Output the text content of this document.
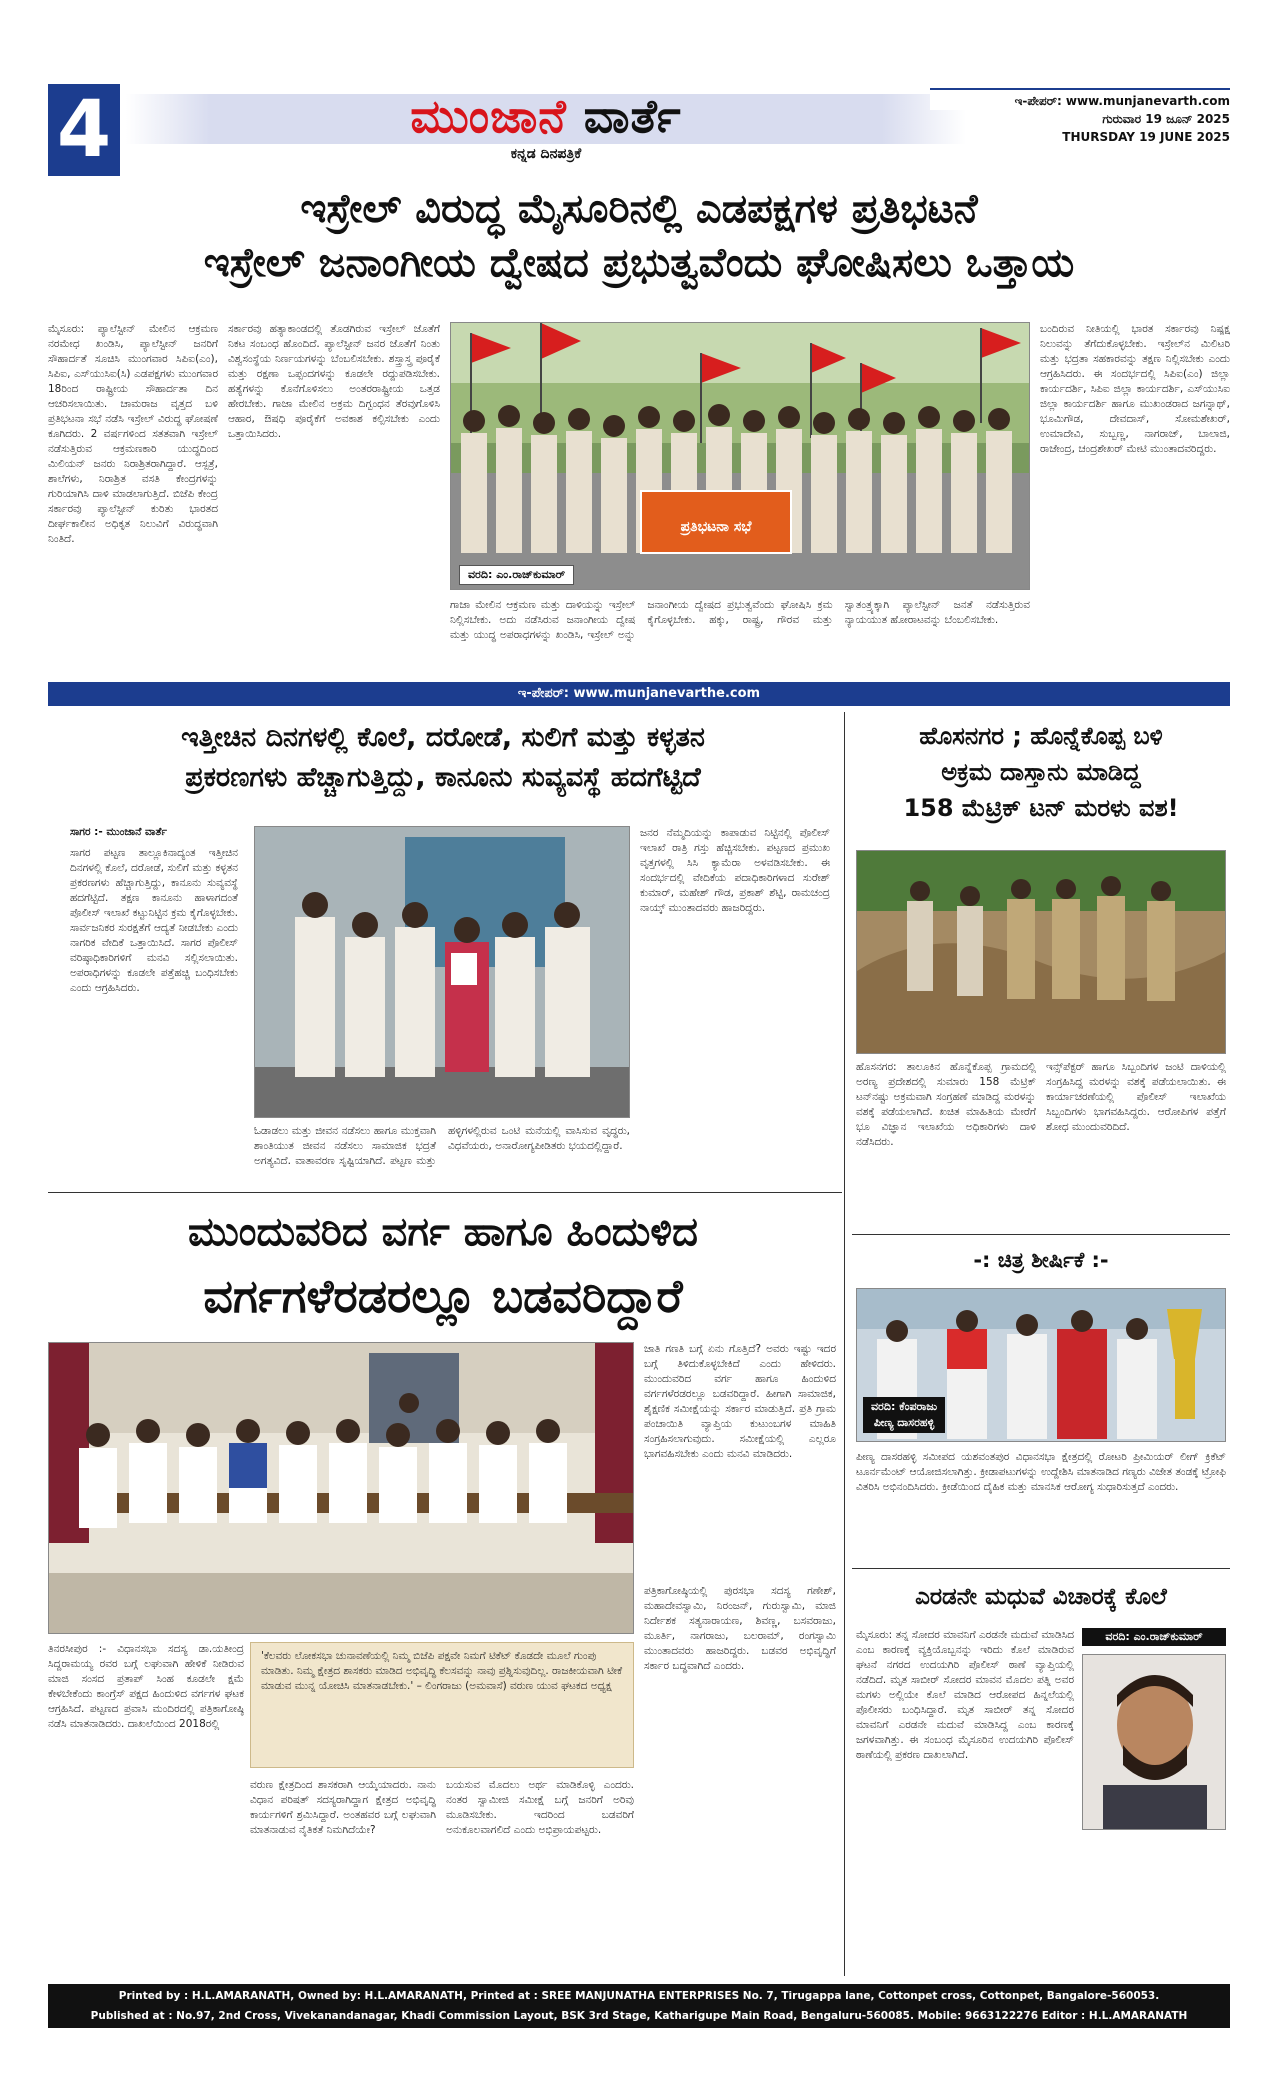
4	ಮುಂಜಾನೆ ವಾರ್ತೆ
ಕನ್ನಡ ದಿನಪತ್ರಿಕೆ
ಇ-ಪೇಪರ್: www.munjanevarth.com
ಗುರುವಾರ 19 ಜೂನ್ 2025
THURSDAY 19 JUNE 2025
ಇಸ್ರೇಲ್ ವಿರುದ್ಧ ಮೈಸೂರಿನಲ್ಲಿ ಎಡಪಕ್ಷಗಳ ಪ್ರತಿಭಟನೆ
ಇಸ್ರೇಲ್ ಜನಾಂಗೀಯ ದ್ವೇಷದ ಪ್ರಭುತ್ವವೆಂದು ಘೋಷಿಸಲು ಒತ್ತಾಯ
ಮೈಸೂರು: ಪ್ಯಾಲೆಸ್ಟೀನ್ ಮೇಲಿನ ಆಕ್ರಮಣ ನರಮೇಧ ಖಂಡಿಸಿ, ಪ್ಯಾಲೆಸ್ಟೀನ್ ಜನರಿಗೆ ಸೌಹಾರ್ದತೆ ಸೂಚಿಸಿ ಮುಂಗವಾರ ಸಿಪಿಐ(ಎಂ), ಸಿಪಿಐ, ಎಸ್‌ಯುಸಿಐ(ಸಿ) ಎಡಪಕ್ಷಗಳು ಮುಂಗವಾರ 18ರಿಂದ ರಾಷ್ಟ್ರೀಯ ಸೌಹಾರ್ದತಾ ದಿನ ಆಚರಿಸಲಾಯಿತು. ಚಾಮರಾಜ ವೃತ್ತದ ಬಳಿ ಪ್ರತಿಭಟನಾ ಸಭೆ ನಡೆಸಿ ಇಸ್ರೇಲ್ ವಿರುದ್ಧ ಘೋಷಣೆ ಕೂಗಿದರು. 2 ವರ್ಷಗಳಿಂದ ಸತತವಾಗಿ ಇಸ್ರೇಲ್ ನಡೆಸುತ್ತಿರುವ ಆಕ್ರಮಣಕಾರಿ ಯುದ್ಧದಿಂದ ಮಿಲಿಯನ್ ಜನರು ನಿರಾಶ್ರಿತರಾಗಿದ್ದಾರೆ. ಆಸ್ಪತ್ರೆ, ಶಾಲೆಗಳು, ನಿರಾಶ್ರಿತ ವಸತಿ ಕೇಂದ್ರಗಳನ್ನು ಗುರಿಯಾಗಿಸಿ ದಾಳಿ ಮಾಡಲಾಗುತ್ತಿದೆ. ಬಿಜೆಪಿ ಕೇಂದ್ರ ಸರ್ಕಾರವು ಪ್ಯಾಲೆಸ್ಟೀನ್ ಕುರಿತು ಭಾರತದ ದೀರ್ಘಕಾಲೀನ ಅಧಿಕೃತ ನಿಲುವಿಗೆ ವಿರುದ್ಧವಾಗಿ ನಿಂತಿದೆ.
ಸರ್ಕಾರವು ಹತ್ಯಾಕಾಂಡದಲ್ಲಿ ತೊಡಗಿರುವ ಇಸ್ರೇಲ್ ಜೊತೆಗೆ ನಿಕಟ ಸಂಬಂಧ ಹೊಂದಿದೆ. ಪ್ಯಾಲೆಸ್ಟೀನ್ ಜನರ ಜೊತೆಗೆ ನಿಂತು ವಿಶ್ವಸಂಸ್ಥೆಯ ನಿರ್ಣಯಗಳನ್ನು ಬೆಂಬಲಿಸಬೇಕು. ಶಸ್ತ್ರಾಸ್ತ್ರ ಪೂರೈಕೆ ಮತ್ತು ರಕ್ಷಣಾ ಒಪ್ಪಂದಗಳನ್ನು ಕೂಡಲೇ ರದ್ದುಪಡಿಸಬೇಕು. ಹತ್ಯೆಗಳನ್ನು ಕೊನೆಗೊಳಿಸಲು ಅಂತರರಾಷ್ಟ್ರೀಯ ಒತ್ತಡ ಹೇರಬೇಕು. ಗಾಜಾ ಮೇಲಿನ ಅಕ್ರಮ ದಿಗ್ಬಂಧನ ತೆರವುಗೊಳಿಸಿ ಆಹಾರ, ಔಷಧಿ ಪೂರೈಕೆಗೆ ಅವಕಾಶ ಕಲ್ಪಿಸಬೇಕು ಎಂದು ಒತ್ತಾಯಿಸಿದರು.
ಪ್ರತಿಭಟನಾ ಸಭೆ
ವರದಿ: ಎಂ.ರಾಜ್‌ಕುಮಾರ್
ಗಾಜಾ ಮೇಲಿನ ಆಕ್ರಮಣ ಮತ್ತು ದಾಳಿಯನ್ನು ಇಸ್ರೇಲ್ ನಿಲ್ಲಿಸಬೇಕು. ಅದು ನಡೆಸಿರುವ ಜನಾಂಗೀಯ ದ್ವೇಷ ಮತ್ತು ಯುದ್ಧ ಅಪರಾಧಗಳನ್ನು ಖಂಡಿಸಿ, ಇಸ್ರೇಲ್ ಅನ್ನು ಜನಾಂಗೀಯ ದ್ವೇಷದ ಪ್ರಭುತ್ವವೆಂದು ಘೋಷಿಸಿ ಕ್ರಮ ಕೈಗೊಳ್ಳಬೇಕು. ಹಕ್ಕು, ರಾಷ್ಟ್ರ, ಗೌರವ ಮತ್ತು ಸ್ವಾತಂತ್ರ್ಯಕ್ಕಾಗಿ ಪ್ಯಾಲೆಸ್ಟೀನ್ ಜನತೆ ನಡೆಸುತ್ತಿರುವ ನ್ಯಾಯಯುತ ಹೋರಾಟವನ್ನು ಬೆಂಬಲಿಸಬೇಕು.
ಬಂದಿರುವ ನೀತಿಯಲ್ಲಿ ಭಾರತ ಸರ್ಕಾರವು ನಿಷ್ಪಕ್ಷ ನಿಲುವನ್ನು ತೆಗೆದುಕೊಳ್ಳಬೇಕು. ಇಸ್ರೇಲ್‌ನ ಮಿಲಿಟರಿ ಮತ್ತು ಭದ್ರತಾ ಸಹಕಾರವನ್ನು ತಕ್ಷಣ ನಿಲ್ಲಿಸಬೇಕು ಎಂದು ಆಗ್ರಹಿಸಿದರು. ಈ ಸಂದರ್ಭದಲ್ಲಿ ಸಿಪಿಐ(ಎಂ) ಜಿಲ್ಲಾ ಕಾರ್ಯದರ್ಶಿ, ಸಿಪಿಐ ಜಿಲ್ಲಾ ಕಾರ್ಯದರ್ಶಿ, ಎಸ್‌ಯುಸಿಐ ಜಿಲ್ಲಾ ಕಾರ್ಯದರ್ಶಿ ಹಾಗೂ ಮುಖಂಡರಾದ ಜಗನ್ನಾಥ್, ಭೂಮಿಗೌಡ, ದೇವದಾಸ್, ಸೋಮಶೇಖರ್, ಉಮಾದೇವಿ, ಸುಬ್ಬಣ್ಣ, ನಾಗರಾಜ್, ಬಾಲಾಜಿ, ರಾಜೇಂದ್ರ, ಚಂದ್ರಶೇಖರ್ ಮೇಟಿ ಮುಂತಾದವರಿದ್ದರು.
ಇ-ಪೇಪರ್: www.munjanevarthe.com
ಇತ್ತೀಚಿನ ದಿನಗಳಲ್ಲಿ ಕೊಲೆ, ದರೋಡೆ, ಸುಲಿಗೆ ಮತ್ತು ಕಳ್ಳತನ
ಪ್ರಕರಣಗಳು ಹೆಚ್ಚಾಗುತ್ತಿದ್ದು, ಕಾನೂನು ಸುವ್ಯವಸ್ಥೆ ಹದಗೆಟ್ಟಿದೆ
ಸಾಗರ :- ಮುಂಜಾನೆ ವಾರ್ತೆ
ಸಾಗರ ಪಟ್ಟಣ ತಾಲ್ಲೂಕಿನಾದ್ಯಂತ ಇತ್ತೀಚಿನ ದಿನಗಳಲ್ಲಿ ಕೊಲೆ, ದರೋಡೆ, ಸುಲಿಗೆ ಮತ್ತು ಕಳ್ಳತನ ಪ್ರಕರಣಗಳು ಹೆಚ್ಚಾಗುತ್ತಿದ್ದು, ಕಾನೂನು ಸುವ್ಯವಸ್ಥೆ ಹದಗೆಟ್ಟಿದೆ. ತಕ್ಷಣ ಕಾನೂನು ಹಾಳಾಗದಂತೆ ಪೊಲೀಸ್ ಇಲಾಖೆ ಕಟ್ಟುನಿಟ್ಟಿನ ಕ್ರಮ ಕೈಗೊಳ್ಳಬೇಕು. ಸಾರ್ವಜನಿಕರ ಸುರಕ್ಷತೆಗೆ ಆದ್ಯತೆ ನೀಡಬೇಕು ಎಂದು ನಾಗರಿಕ ವೇದಿಕೆ ಒತ್ತಾಯಿಸಿದೆ. ಸಾಗರ ಪೊಲೀಸ್ ವರಿಷ್ಠಾಧಿಕಾರಿಗಳಿಗೆ ಮನವಿ ಸಲ್ಲಿಸಲಾಯಿತು. ಅಪರಾಧಿಗಳನ್ನು ಕೂಡಲೇ ಪತ್ತೆಹಚ್ಚಿ ಬಂಧಿಸಬೇಕು ಎಂದು ಆಗ್ರಹಿಸಿದರು.
ಜನರ ನೆಮ್ಮದಿಯನ್ನು ಕಾಪಾಡುವ ನಿಟ್ಟಿನಲ್ಲಿ ಪೊಲೀಸ್ ಇಲಾಖೆ ರಾತ್ರಿ ಗಸ್ತು ಹೆಚ್ಚಿಸಬೇಕು. ಪಟ್ಟಣದ ಪ್ರಮುಖ ವೃತ್ತಗಳಲ್ಲಿ ಸಿಸಿ ಕ್ಯಾಮೆರಾ ಅಳವಡಿಸಬೇಕು. ಈ ಸಂದರ್ಭದಲ್ಲಿ ವೇದಿಕೆಯ ಪದಾಧಿಕಾರಿಗಳಾದ ಸುರೇಶ್ ಕುಮಾರ್, ಮಹೇಶ್ ಗೌಡ, ಪ್ರಕಾಶ್ ಶೆಟ್ಟಿ, ರಾಮಚಂದ್ರ ನಾಯ್ಕ್ ಮುಂತಾದವರು ಹಾಜರಿದ್ದರು.
ಓಡಾಡಲು ಮತ್ತು ಜೀವನ ನಡೆಸಲು ಹಾಗೂ ಮುಕ್ತವಾಗಿ ಶಾಂತಿಯುತ ಜೀವನ ನಡೆಸಲು ಸಾಮಾಜಿಕ ಭದ್ರತೆ ಅಗತ್ಯವಿದೆ. ವಾತಾವರಣ ಸೃಷ್ಟಿಯಾಗಿದೆ. ಪಟ್ಟಣ ಮತ್ತು ಹಳ್ಳಿಗಳಲ್ಲಿರುವ ಒಂಟಿ ಮನೆಯಲ್ಲಿ ವಾಸಿಸುವ ವೃದ್ಧರು, ವಿಧವೆಯರು, ಅನಾರೋಗ್ಯಪೀಡಿತರು ಭಯದಲ್ಲಿದ್ದಾರೆ.
ಹೊಸನಗರ ; ಹೊನ್ನೆಕೊಪ್ಪ ಬಳಿ
ಅಕ್ರಮ ದಾಸ್ತಾನು ಮಾಡಿದ್ದ
158 ಮೆಟ್ರಿಕ್ ಟನ್ ಮರಳು ವಶ!
ಹೊಸನಗರ: ತಾಲೂಕಿನ ಹೊನ್ನೆಕೊಪ್ಪ ಗ್ರಾಮದಲ್ಲಿ ಅರಣ್ಯ ಪ್ರದೇಶದಲ್ಲಿ ಸುಮಾರು 158 ಮೆಟ್ರಿಕ್ ಟನ್‌ನಷ್ಟು ಅಕ್ರಮವಾಗಿ ಸಂಗ್ರಹಣೆ ಮಾಡಿದ್ದ ಮರಳನ್ನು ವಶಕ್ಕೆ ಪಡೆಯಲಾಗಿದೆ. ಖಚಿತ ಮಾಹಿತಿಯ ಮೇರೆಗೆ ಭೂ ವಿಜ್ಞಾನ ಇಲಾಖೆಯ ಅಧಿಕಾರಿಗಳು ದಾಳಿ ನಡೆಸಿದರು.
ಇನ್ಸ್‌ಪೆಕ್ಟರ್ ಹಾಗೂ ಸಿಬ್ಬಂದಿಗಳ ಜಂಟಿ ದಾಳಿಯಲ್ಲಿ ಸಂಗ್ರಹಿಸಿದ್ದ ಮರಳನ್ನು ವಶಕ್ಕೆ ಪಡೆಯಲಾಯಿತು. ಈ ಕಾರ್ಯಾಚರಣೆಯಲ್ಲಿ ಪೊಲೀಸ್ ಇಲಾಖೆಯ ಸಿಬ್ಬಂದಿಗಳು ಭಾಗವಹಿಸಿದ್ದರು. ಆರೋಪಿಗಳ ಪತ್ತೆಗೆ ಶೋಧ ಮುಂದುವರಿದಿದೆ.
ಮುಂದುವರಿದ ವರ್ಗ ಹಾಗೂ ಹಿಂದುಳಿದ
ವರ್ಗಗಳೆರಡರಲ್ಲೂ ಬಡವರಿದ್ದಾರೆ
ಜಾತಿ ಗಣತಿ ಬಗ್ಗೆ ಏನು ಗೊತ್ತಿದೆ? ಅವರು ಇಷ್ಟು ಇದರ ಬಗ್ಗೆ ತಿಳಿದುಕೊಳ್ಳಬೇಕಿದೆ ಎಂದು ಹೇಳಿದರು. ಮುಂದುವರಿದ ವರ್ಗ ಹಾಗೂ ಹಿಂದುಳಿದ ವರ್ಗಗಳೆರಡರಲ್ಲೂ ಬಡವರಿದ್ದಾರೆ. ಹೀಗಾಗಿ ಸಾಮಾಜಿಕ, ಶೈಕ್ಷಣಿಕ ಸಮೀಕ್ಷೆಯನ್ನು ಸರ್ಕಾರ ಮಾಡುತ್ತಿದೆ. ಪ್ರತಿ ಗ್ರಾಮ ಪಂಚಾಯಿತಿ ವ್ಯಾಪ್ತಿಯ ಕುಟುಂಬಗಳ ಮಾಹಿತಿ ಸಂಗ್ರಹಿಸಲಾಗುವುದು. ಸಮೀಕ್ಷೆಯಲ್ಲಿ ಎಲ್ಲರೂ ಭಾಗವಹಿಸಬೇಕು ಎಂದು ಮನವಿ ಮಾಡಿದರು.
ಪತ್ರಿಕಾಗೋಷ್ಠಿಯಲ್ಲಿ ಪುರಸಭಾ ಸದಸ್ಯ ಗಣೇಶ್, ಮಹಾದೇವಸ್ವಾಮಿ, ನಿರಂಜನ್, ಗುರುಸ್ವಾಮಿ, ಮಾಜಿ ನಿರ್ದೇಶಕ ಸತ್ಯನಾರಾಯಣ, ಶಿವಣ್ಣ, ಬಸವರಾಜು, ಮೂರ್ತಿ, ನಾಗರಾಜು, ಬಲರಾಮ್, ರಂಗಸ್ವಾಮಿ ಮುಂತಾದವರು ಹಾಜರಿದ್ದರು. ಬಡವರ ಅಭಿವೃದ್ಧಿಗೆ ಸರ್ಕಾರ ಬದ್ಧವಾಗಿದೆ ಎಂದರು.
ತಿನರಸೀಪುರ :- ವಿಧಾನಸಭಾ ಸದಸ್ಯ ಡಾ.ಯತೀಂದ್ರ ಸಿದ್ದರಾಮಯ್ಯ ರವರ ಬಗ್ಗೆ ಲಘುವಾಗಿ ಹೇಳಿಕೆ ನೀಡಿರುವ ಮಾಜಿ ಸಂಸದ ಪ್ರತಾಪ್ ಸಿಂಹ ಕೂಡಲೇ ಕ್ಷಮೆ ಕೇಳಬೇಕೆಂದು ಕಾಂಗ್ರೆಸ್ ಪಕ್ಷದ ಹಿಂದುಳಿದ ವರ್ಗಗಳ ಘಟಕ ಆಗ್ರಹಿಸಿದೆ. ಪಟ್ಟಣದ ಪ್ರವಾಸಿ ಮಂದಿರದಲ್ಲಿ ಪತ್ರಿಕಾಗೋಷ್ಠಿ ನಡೆಸಿ ಮಾತನಾಡಿದರು. ದಾಖಲೆಯಿಂದ 2018ರಲ್ಲಿ
'ಕೆಲವರು ಲೋಕಸಭಾ ಚುನಾವಣೆಯಲ್ಲಿ ನಿಮ್ಮ ಬಿಜೆಪಿ ಪಕ್ಷವೇ ನಿಮಗೆ ಟಿಕೆಟ್ ಕೊಡದೇ ಮೂಲೆ ಗುಂಪು ಮಾಡಿತು. ನಿಮ್ಮ ಕ್ಷೇತ್ರದ ಶಾಸಕರು ಮಾಡಿದ ಅಭಿವೃದ್ಧಿ ಕೆಲಸವನ್ನು ನಾವು ಪ್ರಶ್ನಿಸುವುದಿಲ್ಲ. ರಾಜಕೀಯವಾಗಿ ಟೀಕೆ ಮಾಡುವ ಮುನ್ನ ಯೋಚಿಸಿ ಮಾತನಾಡಬೇಕು.' – ಲಿಂಗರಾಜು (ಅಮವಾಸೆ) ವರುಣ ಯುವ ಘಟಕದ ಅಧ್ಯಕ್ಷ
ವರುಣ ಕ್ಷೇತ್ರದಿಂದ ಶಾಸಕರಾಗಿ ಆಯ್ಕೆಯಾದರು. ನಾನು ವಿಧಾನ ಪರಿಷತ್ ಸದಸ್ಯರಾಗಿದ್ದಾಗ ಕ್ಷೇತ್ರದ ಅಭಿವೃದ್ಧಿ ಕಾರ್ಯಗಳಿಗೆ ಶ್ರಮಿಸಿದ್ದಾರೆ. ಅಂತಹವರ ಬಗ್ಗೆ ಲಘುವಾಗಿ ಮಾತನಾಡುವ ನೈತಿಕತೆ ನಿಮಗಿದೆಯೇ?
ಬಯಸುವ ಮೊದಲು ಅರ್ಥ ಮಾಡಿಕೊಳ್ಳಿ ಎಂದರು. ನಂತರ ಸ್ವಾಮೀಜಿ ಸಮೀಕ್ಷೆ ಬಗ್ಗೆ ಜನರಿಗೆ ಅರಿವು ಮೂಡಿಸಬೇಕು. ಇದರಿಂದ ಬಡವರಿಗೆ ಅನುಕೂಲವಾಗಲಿದೆ ಎಂದು ಅಭಿಪ್ರಾಯಪಟ್ಟರು.
-: ಚಿತ್ರ ಶೀರ್ಷಿಕೆ :-
ವರದಿ: ಕೆಂಪರಾಜು
ಪೀಣ್ಯ ದಾಸರಹಳ್ಳಿ
ಪೀಣ್ಯ ದಾಸರಹಳ್ಳಿ ಸಮೀಪದ ಯಶವಂತಪುರ ವಿಧಾನಸಭಾ ಕ್ಷೇತ್ರದಲ್ಲಿ ರೋಟರಿ ಪ್ರೀಮಿಯರ್ ಲೀಗ್ ಕ್ರಿಕೆಟ್ ಟೂರ್ನಮೆಂಟ್ ಆಯೋಜಿಸಲಾಗಿತ್ತು. ಕ್ರೀಡಾಪಟುಗಳನ್ನು ಉದ್ದೇಶಿಸಿ ಮಾತನಾಡಿದ ಗಣ್ಯರು ವಿಜೇತ ತಂಡಕ್ಕೆ ಟ್ರೋಫಿ ವಿತರಿಸಿ ಅಭಿನಂದಿಸಿದರು. ಕ್ರೀಡೆಯಿಂದ ದೈಹಿಕ ಮತ್ತು ಮಾನಸಿಕ ಆರೋಗ್ಯ ಸುಧಾರಿಸುತ್ತದೆ ಎಂದರು.
ಎರಡನೇ ಮಧುವೆ ವಿಚಾರಕ್ಕೆ ಕೊಲೆ
ಮೈಸೂರು: ತನ್ನ ಸೋದರ ಮಾವನಿಗೆ ಎರಡನೇ ಮದುವೆ ಮಾಡಿಸಿದ ಎಂಬ ಕಾರಣಕ್ಕೆ ವ್ಯಕ್ತಿಯೊಬ್ಬನನ್ನು ಇರಿದು ಕೊಲೆ ಮಾಡಿರುವ ಘಟನೆ ನಗರದ ಉದಯಗಿರಿ ಪೊಲೀಸ್ ಠಾಣೆ ವ್ಯಾಪ್ತಿಯಲ್ಲಿ ನಡೆದಿದೆ. ಮೃತ ಸಾಬೀರ್ ಸೋದರ ಮಾವನ ಮೊದಲ ಪತ್ನಿ ಅವರ ಮಗಳು ಅಲ್ಲಿಯೇ ಕೊಲೆ ಮಾಡಿದ ಆರೋಪದ ಹಿನ್ನಲೆಯಲ್ಲಿ ಪೊಲೀಸರು ಬಂಧಿಸಿದ್ದಾರೆ. ಮೃತ ಸಾಬೀರ್ ತನ್ನ ಸೋದರ ಮಾವನಿಗೆ ಎರಡನೇ ಮದುವೆ ಮಾಡಿಸಿದ್ದ ಎಂಬ ಕಾರಣಕ್ಕೆ ಜಗಳವಾಗಿತ್ತು. ಈ ಸಂಬಂಧ ಮೈಸೂರಿನ ಉದಯಗಿರಿ ಪೊಲೀಸ್ ಠಾಣೆಯಲ್ಲಿ ಪ್ರಕರಣ ದಾಖಲಾಗಿದೆ.
ವರದಿ: ಎಂ.ರಾಜ್‌ಕುಮಾರ್
Printed by : H.L.AMARANATH, Owned by: H.L.AMARANATH, Printed at : SREE MANJUNATHA ENTERPRISES No. 7, Tirugappa lane, Cottonpet cross, Cottonpet, Bangalore-560053.
Published at : No.97, 2nd Cross, Vivekanandanagar, Khadi Commission Layout, BSK 3rd Stage, Katharigupe Main Road, Bengaluru-560085. Mobile: 9663122276 Editor : H.L.AMARANATH
